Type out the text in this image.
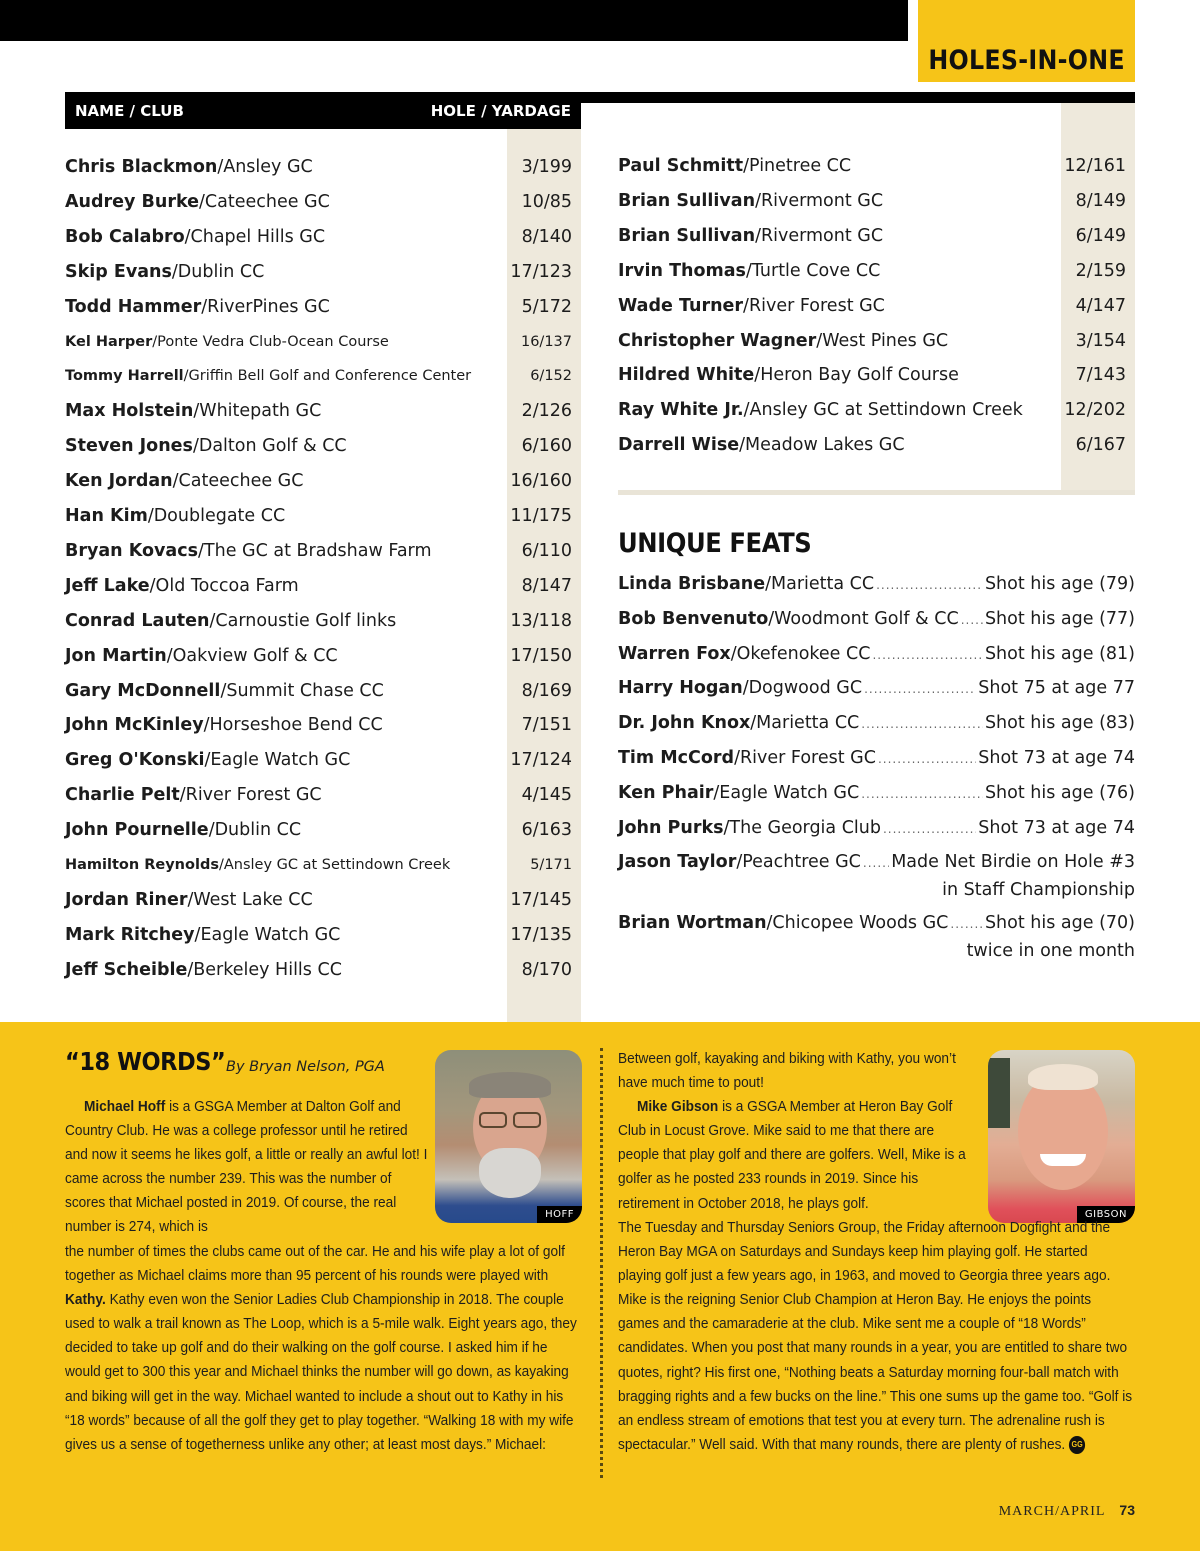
HOLES-IN-ONE
NAME / CLUB	HOLE / YARDAGE
Chris Blackmon/Ansley GC	3/199
Audrey Burke/Cateechee GC	10/85
Bob Calabro/Chapel Hills GC	8/140
Skip Evans/Dublin CC	17/123
Todd Hammer/RiverPines GC	5/172
Kel Harper/Ponte Vedra Club-Ocean Course	16/137
Tommy Harrell/Griffin Bell Golf and Conference Center	6/152
Max Holstein/Whitepath GC	2/126
Steven Jones/Dalton Golf & CC	6/160
Ken Jordan/Cateechee GC	16/160
Han Kim/Doublegate CC	11/175
Bryan Kovacs/The GC at Bradshaw Farm	6/110
Jeff Lake/Old Toccoa Farm	8/147
Conrad Lauten/Carnoustie Golf links	13/118
Jon Martin/Oakview Golf & CC	17/150
Gary McDonnell/Summit Chase CC	8/169
John McKinley/Horseshoe Bend CC	7/151
Greg O'Konski/Eagle Watch GC	17/124
Charlie Pelt/River Forest GC	4/145
John Pournelle/Dublin CC	6/163
Hamilton Reynolds/Ansley GC at Settindown Creek	5/171
Jordan Riner/West Lake CC	17/145
Mark Ritchey/Eagle Watch GC	17/135
Jeff Scheible/Berkeley Hills CC	8/170
Paul Schmitt/Pinetree CC	12/161
Brian Sullivan/Rivermont GC	8/149
Brian Sullivan/Rivermont GC	6/149
Irvin Thomas/Turtle Cove CC	2/159
Wade Turner/River Forest GC	4/147
Christopher Wagner/West Pines GC	3/154
Hildred White/Heron Bay Golf Course	7/143
Ray White Jr./Ansley GC at Settindown Creek	12/202
Darrell Wise/Meadow Lakes GC	6/167
UNIQUE FEATS
Linda Brisbane/Marietta CC .....	Shot his age (79)
Bob Benvenuto/Woodmont Golf & CC ..... Shot his age (77)
Warren Fox/Okefenokee CC .....	Shot his age (81)
Harry Hogan/Dogwood GC .....	Shot 75 at age 77
Dr. John Knox/Marietta CC .....	Shot his age (83)
Tim McCord/River Forest GC .....	Shot 73 at age 74
Ken Phair/Eagle Watch GC .....	Shot his age (76)
John Purks/The Georgia Club .....	Shot 73 at age 74
Jason Taylor/Peachtree GC ..... Made Net Birdie on Hole #3
in Staff Championship
Brian Wortman/Chicopee Woods GC ..... Shot his age (70)
twice in one month
“18 WORDS” By Bryan Nelson, PGA
HOFF	GIBSON
Michael Hoff is a GSGA Member at Dalton Golf and Country Club. He was a college professor until he retired and now it seems he likes golf, a little or really an awful lot! I came across the number 239. This was the number of scores that Michael posted in 2019. Of course, the real number is 274, which is
the number of times the clubs came out of the car. He and his wife play a lot of golf together as Michael claims more than 95 percent of his rounds were played with Kathy. Kathy even won the Senior Ladies Club Championship in 2018. The couple used to walk a trail known as The Loop, which is a 5-mile walk. Eight years ago, they decided to take up golf and do their walking on the golf course. I asked him if he would get to 300 this year and Michael thinks the number will go down, as kayaking and biking will get in the way. Michael wanted to include a shout out to Kathy in his “18 words” because of all the golf they get to play together. “Walking 18 with my wife gives us a sense of togetherness unlike any other; at least most days.” Michael:
Between golf, kayaking and biking with Kathy, you won’t have much time to pout!
Mike Gibson is a GSGA Member at Heron Bay Golf Club in Locust Grove. Mike said to me that there are people that play golf and there are golfers. Well, Mike is a golfer as he posted 233 rounds in 2019. Since his retirement in October 2018, he plays golf.
The Tuesday and Thursday Seniors Group, the Friday afternoon Dogfight and the Heron Bay MGA on Saturdays and Sundays keep him playing golf. He started playing golf just a few years ago, in 1963, and moved to Georgia three years ago. Mike is the reigning Senior Club Champion at Heron Bay. He enjoys the points games and the camaraderie at the club. Mike sent me a couple of “18 Words” candidates. When you post that many rounds in a year, you are entitled to share two quotes, right? His first one, “Nothing beats a Saturday morning four-ball match with bragging rights and a few bucks on the line.” This one sums up the game too. “Golf is an endless stream of emotions that test you at every turn. The adrenaline rush is spectacular.” Well said. With that many rounds, there are plenty of rushes. GG
MARCH/APRIL 73
